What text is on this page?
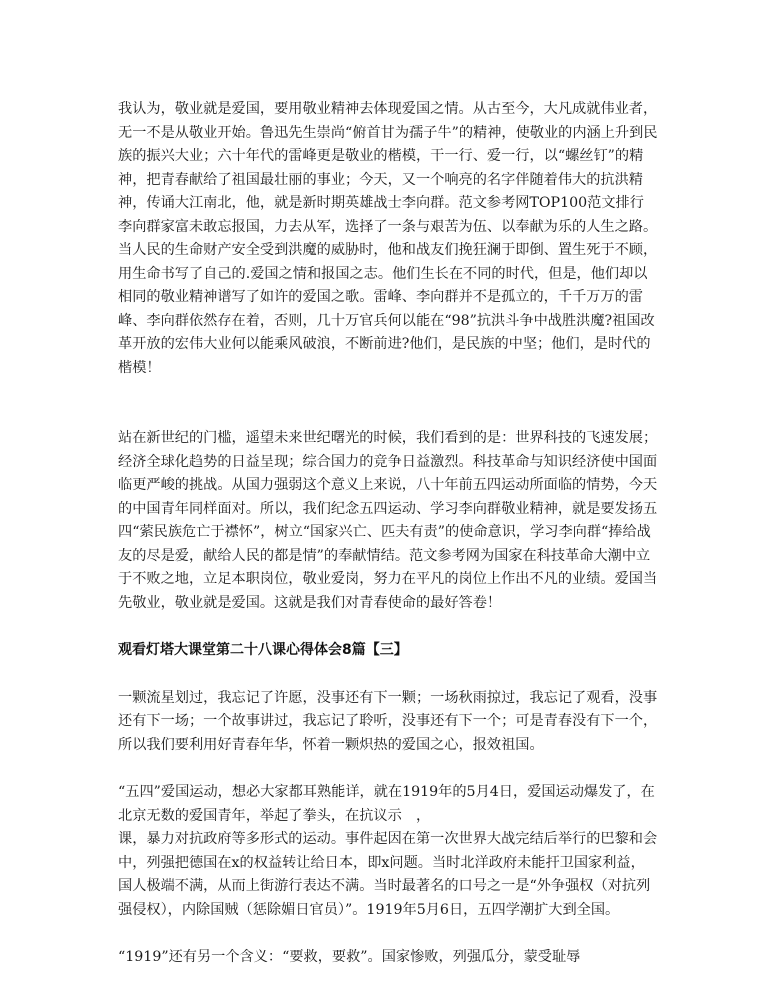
我认为，敬业就是爱国，要用敬业精神去体现爱国之情。从古至今，大凡成就伟业者，无一不是从敬业开始。鲁迅先生崇尚“俯首甘为孺子牛”的精神，使敬业的内涵上升到民族的振兴大业；六十年代的雷峰更是敬业的楷模，干一行、爱一行，以“螺丝钉”的精神，把青春献给了祖国最壮丽的事业；今天，又一个响亮的名字伴随着伟大的抗洪精神，传诵大江南北，他，就是新时期英雄战士李向群。范文参考网TOP100范文排行李向群家富未敢忘报国，力去从军，选择了一条与艰苦为伍、以奉献为乐的人生之路。当人民的生命财产安全受到洪魔的威胁时，他和战友们挽狂澜于即倒、置生死于不顾，用生命书写了自己的.爱国之情和报国之志。他们生长在不同的时代，但是，他们却以相同的敬业精神谱写了如许的爱国之歌。雷峰、李向群并不是孤立的，千千万万的雷峰、李向群依然存在着，否则，几十万官兵何以能在“98”抗洪斗争中战胜洪魔?祖国改革开放的宏伟大业何以能乘风破浪，不断前进?他们，是民族的中坚；他们，是时代的楷模！

站在新世纪的门槛，遥望未来世纪曙光的时候，我们看到的是：世界科技的飞速发展；经济全球化趋势的日益呈现；综合国力的竞争日益激烈。科技革命与知识经济使中国面临更严峻的挑战。从国力强弱这个意义上来说，八十年前五四运动所面临的情势，今天的中国青年同样面对。所以，我们纪念五四运动、学习李向群敬业精神，就是要发扬五四“萦民族危亡于襟怀”，树立“国家兴亡、匹夫有责”的使命意识，学习李向群“捧给战友的尽是爱，献给人民的都是情”的奉献情结。范文参考网为国家在科技革命大潮中立于不败之地，立足本职岗位，敬业爱岗，努力在平凡的岗位上作出不凡的业绩。爱国当先敬业，敬业就是爱国。这就是我们对青春使命的最好答卷！

观看灯塔大课堂第二十八课心得体会8篇【三】

一颗流星划过，我忘记了许愿，没事还有下一颗；一场秋雨掠过，我忘记了观看，没事还有下一场；一个故事讲过，我忘记了聆听，没事还有下一个；可是青春没有下一个，所以我们要利用好青春年华，怀着一颗炽热的爱国之心，报效祖国。

“五四”爱国运动，想必大家都耳熟能详，就在1919年的5月4日，爱国运动爆发了，在北京无数的爱国青年，举起了拳头，在抗议示　，
课，暴力对抗政府等多形式的运动。事件起因在第一次世界大战完结后举行的巴黎和会中，列强把德国在x的权益转让给日本，即x问题。当时北洋政府未能扞卫国家利益，国人极端不满，从而上街游行表达不满。当时最著名的口号之一是“外争强权（对抗列强侵权），内除国贼（惩除媚日官员）”。1919年5月6日，五四学潮扩大到全国。

“1919”还有另一个含义：“要救，要救”。国家惨败，列强瓜分，蒙受耻辱
